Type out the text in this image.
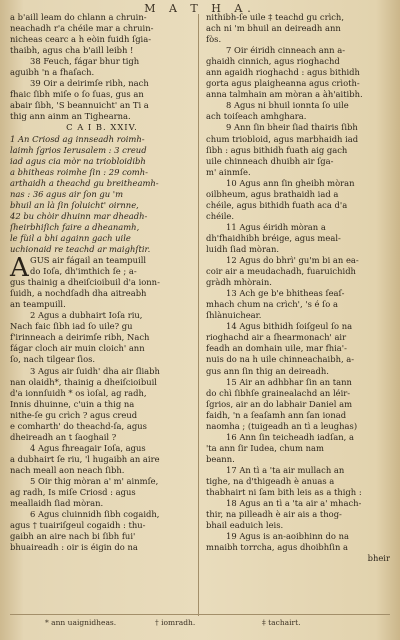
M A T H A.
a b'aill leam do chlann a chruin-
neachadh r'a chéile mar a chruin-
nicheas cearc a h eòin fuidh ſgia-
thaibh, agus cha b'aill leibh !
38 Feuch, fágar bhur tigh
aguibh 'n a fhaſach.
39 Oir a deirimſe ribh, nach
fhaic ſibh miſe o ſo ſuas, gus an
abair ſibh, 'S beannuicht' an Ti a
thig ann ainm an Tighearna.
C A I B. XXIV.
1 An Criosd ag innseadh roimh-
laimh ſgrios Ierusalem : 3 creud
iad agus cia mòr na triobloidibh
a bhitheas roimhe ſin : 29 comh-
arthaidh a theachd gu breitheamh-
nas : 36 agus air ſon gu 'm
bhuil an là ſin ſoluicht' oirnne,
42 bu chòir dhuinn mar dheadh-
ſheirbhiſich faire a dheanamh,
le fùil a bhi againn gach uile
uchionaid re teachd ar maighſtir.
A GUS air fágail an teampuill
do Ioſa, dh'imthich ſe ; a-
gus thainig a dheiſcioibuil d'a ionn-
ſuidh, a nochdſadh dha aitreabh
an teampuill.
2 Agus a dubhairt Ioſa riu,
Nach faic ſibh iad ſo uile? gu
f'irinneach a deirimſe ribh, Nach
fágar cloch air muin cloich' ann
ſo, nach tilgear ſìos.
3 Agus air ſuidh' dha air ſliabh
nan olaidh*, thainig a dheiſcioibuil
d'a ionnſuidh * os ìoſal, ag radh,
Innis dhuinne, c'uin a thig na
nithe-ſe gu crìch ? agus creud
e comharth' do theachd-ſa, agus
dheireadh an t ſaoghail ?
4 Agus fhreagair Ioſa, agus
a dubhairt ſe riu, 'l hugaibh an aire
nach meall aon neach ſibh.
5 Oir thig mòran a' m' ainmſe,
ag radh, Is miſe Criosd : agus
meallaidh ſiad mòran.
6 Agus cluinnidh ſibh cogaidh,
agus † tuairiſgeul cogaidh : thu-
gaibh an aire nach bi ſibh fui'
bhuaireadh : oir is éigin do na
nithibh-ſe uile ‡ teachd gu crìch,
ach ni 'm bhuil an deireadh ann
fòs.
7 Oir éiridh cinneach ann a-
ghaidh cinnich, agus rioghachd
ann agaidh rioghachd : agus bithidh
gorta agus plaigheanna agus crìoth-
anna talmhain am mòran a àh'aitibh.
8 Agus ni bhuil ionnta ſo uile
ach toiſeach amhghara.
9 Ann ſin bheir ſiad thairis ſibh
chum triobloid, agus marbhaidh iad
ſibh : agus bithidh fuath aig gach
uile chinneach dhuibh air ſga-
m' ainmſe.
10 Agus ann ſin gheibh mòran
oilbheum, agus brathaidh iad a
chéile, agus bithidh fuath aca d'a
chéile.
11 Agus éiridh mòran a
dh'fhaidhibh bréige, agus meal-
luidh ſiad mòran.
12 Agus do bhrì' gu'm bi an ea-
coir air a meudachadh, fuaruichidh
gràdh mhòrain.
13 Ach ge b'e bhitheas ſeaſ-
mhach chum na crìch', 's é ſo a
ſhlànuichear.
14 Agus bithidh ſoiſgeul ſo na
rioghachd air a ſhearmonach' air
feadh an domhain uile, mar fhia'-
nuis do na h uile chinneachaibh, a-
gus ann ſin thig an deireadh.
15 Air an adhbhar ſin an tann
do chì ſibhſe grainealachd an léir-
ſgrios, air an do labhair Daniel am
faidh, 'n a ſeaſamh ann ſan ionad
naomha ; (tuigeadh an tì a leughas)
16 Ann ſin teicheadh iadſan, a
'ta ann ſir Iudea, chum nam
beann.
17 An tì a 'ta air mullach an
tighe, na d'thigeadh è anuas a
thabhairt ni ſam bith leis as a thigh :
18 Agus an tì a 'ta air a' mhach-
thir, na pilleadh è air ais a thog-
bhail eaduich leis.
19 Agus is an-aoibhinn do na
mnaibh torrcha, agus dhoibhſin a
bheir
* ann uaignidheas.	† iomradh.	‡ tachairt.
